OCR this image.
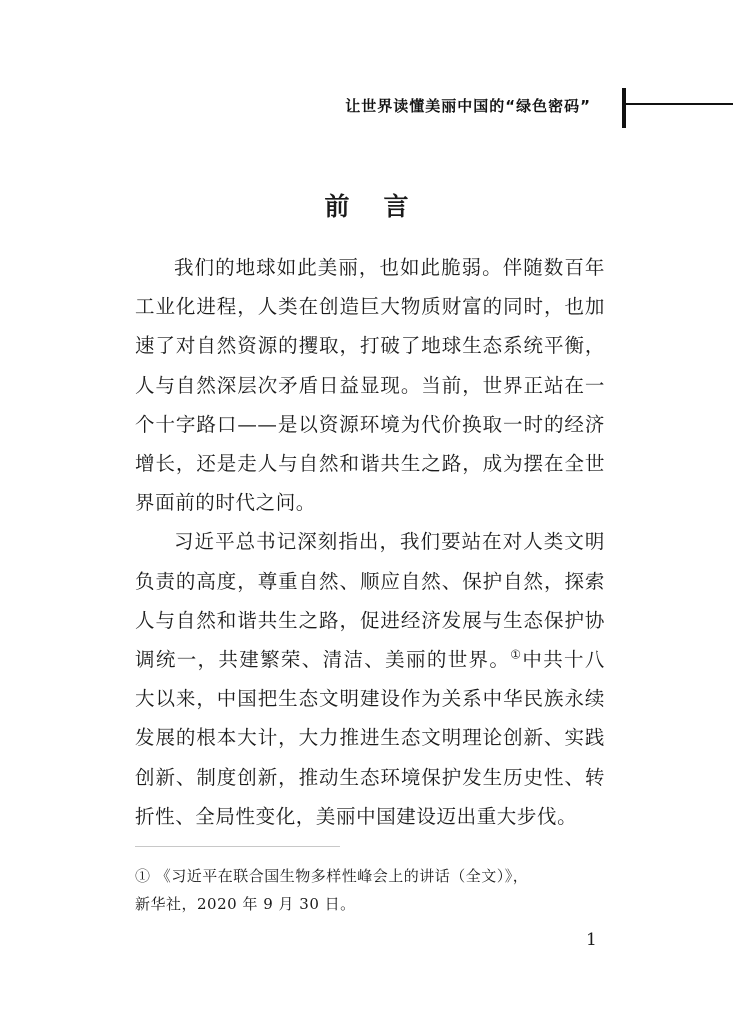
让世界读懂美丽中国的“绿色密码”
前言

我们的地球如此美丽，也如此脆弱。伴随数百年工业化进程，人类在创造巨大物质财富的同时，也加速了对自然资源的攫取，打破了地球生态系统平衡，人与自然深层次矛盾日益显现。当前，世界正站在一个十字路口——是以资源环境为代价换取一时的经济增长，还是走人与自然和谐共生之路，成为摆在全世界面前的时代之问。

习近平总书记深刻指出，我们要站在对人类文明负责的高度，尊重自然、顺应自然、保护自然，探索人与自然和谐共生之路，促进经济发展与生态保护协调统一，共建繁荣、清洁、美丽的世界。①中共十八大以来，中国把生态文明建设作为关系中华民族永续发展的根本大计，大力推进生态文明理论创新、实践创新、制度创新，推动生态环境保护发生历史性、转折性、全局性变化，美丽中国建设迈出重大步伐。

① 《习近平在联合国生物多样性峰会上的讲话（全文）》，

新华社，2020 年 9 月 30 日。

1
